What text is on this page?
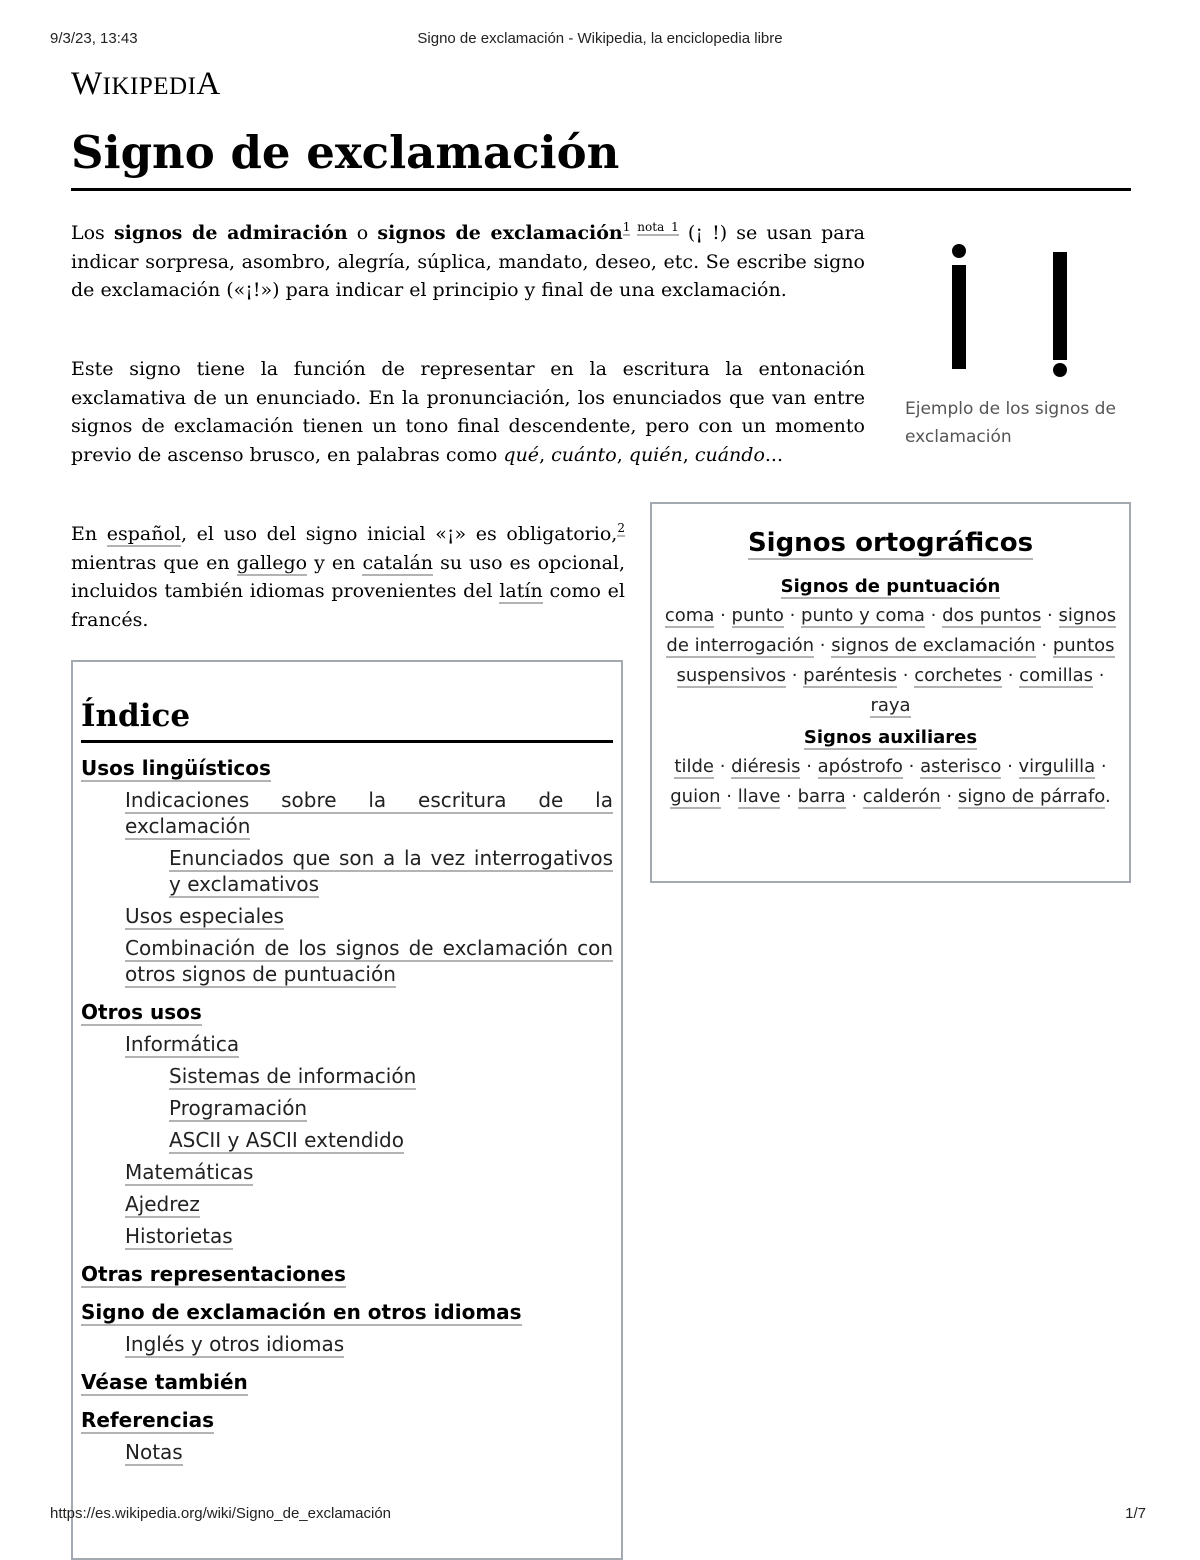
9/3/23, 13:43	Signo de exclamación - Wikipedia, la enciclopedia libre
WIKIPEDIA
Signo de exclamación

Los signos de admiración o signos de exclamación$^{1 nota 1}$ (¡ !) se usan para indicar sorpresa, asombro, alegría, súplica, mandato, deseo, etc. Se escribe signo de exclamación («¡!») para indicar el principio y final de una exclamación.

Este signo tiene la función de representar en la escritura la entonación exclamativa de un enunciado. En la pronunciación, los enunciados que van entre signos de exclamación tienen un tono final descendente, pero con un momento previo de ascenso brusco, en palabras como qué, cuánto, quién, cuándo...

En español, el uso del signo inicial «¡» es obligatorio,$^2$ mientras que en gallego y en catalán su uso es opcional, incluidos también idiomas provenientes del latín como el francés.

Ejemplo de los signos de exclamación

Signos ortográficos
Signos de puntuación
coma · punto · punto y coma · dos puntos · signos de interrogación · signos de exclamación · puntos suspensivos · paréntesis · corchetes · comillas · raya
Signos auxiliares
tilde · diéresis · apóstrofo · asterisco · virgulilla · guion · llave · barra · calderón · signo de párrafo.
Índice
Usos lingüísticos
Indicaciones sobre la escritura de la exclamación
Enunciados que son a la vez interrogativos y exclamativos
Usos especiales
Combinación de los signos de exclamación con otros signos de puntuación
Otros usos
Informática
Sistemas de información
Programación
ASCII y ASCII extendido
Matemáticas
Ajedrez
Historietas
Otras representaciones
Signo de exclamación en otros idiomas
Inglés y otros idiomas
Véase también
Referencias
Notas
https://es.wikipedia.org/wiki/Signo_de_exclamación	1/7
